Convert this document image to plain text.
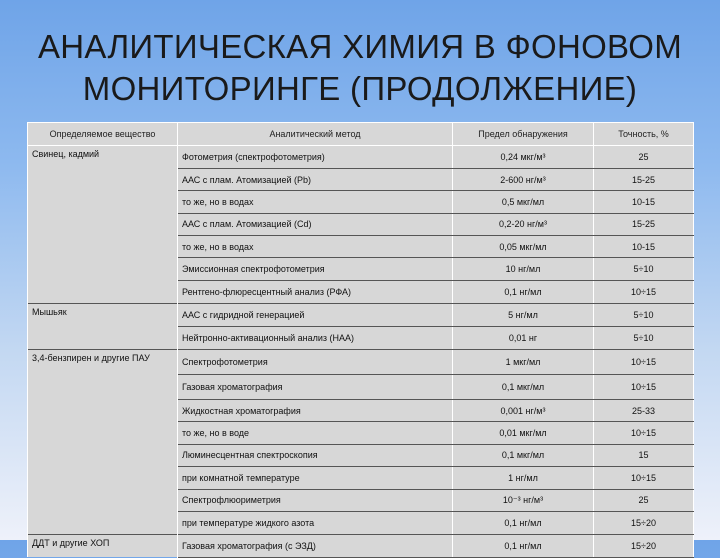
АНАЛИТИЧЕСКАЯ ХИМИЯ В ФОНОВОМ
МОНИТОРИНГЕ (ПРОДОЛЖЕНИЕ)
Определяемое вещество	Аналитический метод	Предел обнаружения	Точность, %
Свинец, кадмий	Фотометрия (спектрофотометрия)	0,24 мкг/м³	25
	ААС с плам. Атомизацией (Pb)	2-600 нг/м³	15-25
	то же, но в водах	0,5 мкг/мл	10-15
	ААС с плам. Атомизацией (Cd)	0,2-20 нг/м³	15-25
	то же, но в водах	0,05 мкг/мл	10-15
	Эмиссионная спектрофотометрия	10 нг/мл	5÷10
	Рентгено-флюресцентный анализ (РФА)	0,1 нг/мл	10÷15
Мышьяк	ААС с гидридной генерацией	5 нг/мл	5÷10
	Нейтронно-активационный анализ (НАА)	0,01 нг	5÷10
3,4-бензпирен и другие ПАУ	Спектрофотометрия	1 мкг/мл	10÷15
	Газовая хроматография	0,1 мкг/мл	10÷15
	Жидкостная хроматография	0,001 нг/м³	25-33
	то же, но в воде	0,01 мкг/мл	10÷15
	Люминесцентная спектроскопия	0,1 мкг/мл	15
	при комнатной температуре	1 нг/мл	10÷15
	Спектрофлюориметрия	10⁻³ нг/м³	25
	при температуре жидкого азота	0,1 нг/мл	15÷20
ДДТ и другие ХОП	Газовая хроматография (с ЭЗД)	0,1 нг/мл	15÷20
